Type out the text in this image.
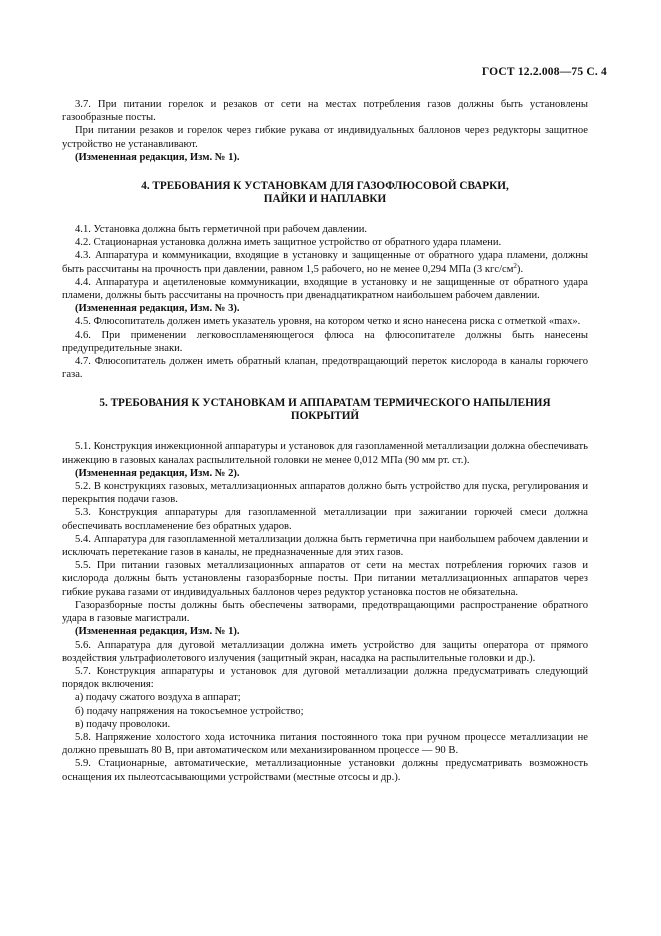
ГОСТ 12.2.008—75 С. 4

3.7. При питании горелок и резаков от сети на местах потребления газов должны быть установлены газообразные посты.

При питании резаков и горелок через гибкие рукава от индивидуальных баллонов через редукторы защитное устройство не устанавливают.

(Измененная редакция, Изм. № 1).

4. ТРЕБОВАНИЯ К УСТАНОВКАМ ДЛЯ ГАЗОФЛЮСОВОЙ СВАРКИ,
ПАЙКИ И НАПЛАВКИ

4.1. Установка должна быть герметичной при рабочем давлении.

4.2. Стационарная установка должна иметь защитное устройство от обратного удара пламени.

4.3. Аппаратура и коммуникации, входящие в установку и защищенные от обратного удара пламени, должны быть рассчитаны на прочность при давлении, равном 1,5 рабочего, но не менее 0,294 МПа (3 кгс/$см^2$).

4.4. Аппаратура и ацетиленовые коммуникации, входящие в установку и не защищенные от обратного удара пламени, должны быть рассчитаны на прочность при двенадцатикратном наибольшем рабочем давлении.

(Измененная редакция, Изм. № 3).

4.5. Флюсопитатель должен иметь указатель уровня, на котором четко и ясно нанесена риска с отметкой «max».

4.6. При применении легковоспламеняющегося флюса на флюсопитателе должны быть нанесены предупредительные знаки.

4.7. Флюсопитатель должен иметь обратный клапан, предотвращающий переток кислорода в каналы горючего газа.

5. ТРЕБОВАНИЯ К УСТАНОВКАМ И АППАРАТАМ ТЕРМИЧЕСКОГО НАПЫЛЕНИЯ
ПОКРЫТИЙ

5.1. Конструкция инжекционной аппаратуры и установок для газопламенной металлизации должна обеспечивать инжекцию в газовых каналах распылительной головки не менее 0,012 МПа (90 мм рт. ст.).

(Измененная редакция, Изм. № 2).

5.2. В конструкциях газовых, металлизационных аппаратов должно быть устройство для пуска, регулирования и перекрытия подачи газов.

5.3. Конструкция аппаратуры для газопламенной металлизации при зажигании горючей смеси должна обеспечивать воспламенение без обратных ударов.

5.4. Аппаратура для газопламенной металлизации должна быть герметична при наибольшем рабочем давлении и исключать перетекание газов в каналы, не предназначенные для этих газов.

5.5. При питании газовых металлизационных аппаратов от сети на местах потребления горючих газов и кислорода должны быть установлены газоразборные посты. При питании металлизационных аппаратов через гибкие рукава газами от индивидуальных баллонов через редуктор установка постов не обязательна.

Газоразборные посты должны быть обеспечены затворами, предотвращающими распространение обратного удара в газовые магистрали.

(Измененная редакция, Изм. № 1).

5.6. Аппаратура для дуговой металлизации должна иметь устройство для защиты оператора от прямого воздействия ультрафиолетового излучения (защитный экран, насадка на распылительные головки и др.).

5.7. Конструкция аппаратуры и установок для дуговой металлизации должна предусматривать следующий порядок включения:

а) подачу сжатого воздуха в аппарат;

б) подачу напряжения на токосъемное устройство;

в) подачу проволоки.

5.8. Напряжение холостого хода источника питания постоянного тока при ручном процессе металлизации не должно превышать 80 В, при автоматическом или механизированном процессе — 90 В.

5.9. Стационарные, автоматические, металлизационные установки должны предусматривать возможность оснащения их пылеотсасывающими устройствами (местные отсосы и др.).
